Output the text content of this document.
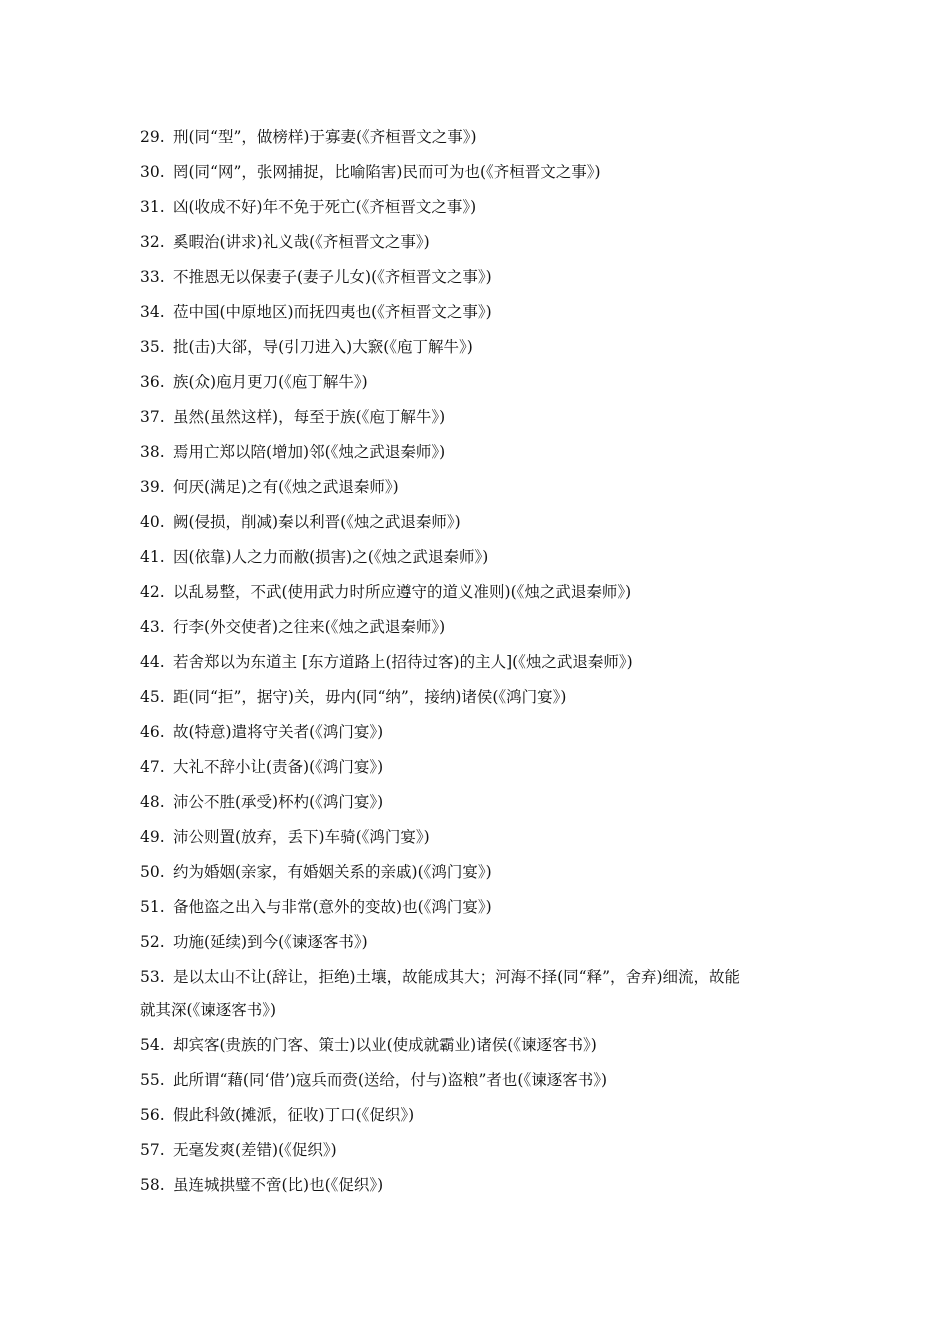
29. 刑(同“型”，做榜样)于寡妻(《齐桓晋文之事》)
30. 罔(同“网”，张网捕捉，比喻陷害)民而可为也(《齐桓晋文之事》)
31. 凶(收成不好)年不免于死亡(《齐桓晋文之事》)
32. 奚暇治(讲求)礼义哉(《齐桓晋文之事》)
33. 不推恩无以保妻子(妻子儿女)(《齐桓晋文之事》)
34. 莅中国(中原地区)而抚四夷也(《齐桓晋文之事》)
35. 批(击)大郤，导(引刀进入)大窾(《庖丁解牛》)
36. 族(众)庖月更刀(《庖丁解牛》)
37. 虽然(虽然这样)，每至于族(《庖丁解牛》)
38. 焉用亡郑以陪(增加)邻(《烛之武退秦师》)
39. 何厌(满足)之有(《烛之武退秦师》)
40. 阙(侵损，削减)秦以利晋(《烛之武退秦师》)
41. 因(依靠)人之力而敝(损害)之(《烛之武退秦师》)
42. 以乱易整，不武(使用武力时所应遵守的道义准则)(《烛之武退秦师》)
43. 行李(外交使者)之往来(《烛之武退秦师》)
44. 若舍郑以为东道主 [东方道路上(招待过客)的主人](《烛之武退秦师》)
45. 距(同“拒”，据守)关，毋内(同“纳”，接纳)诸侯(《鸿门宴》)
46. 故(特意)遣将守关者(《鸿门宴》)
47. 大礼不辞小让(责备)(《鸿门宴》)
48. 沛公不胜(承受)杯杓(《鸿门宴》)
49. 沛公则置(放弃，丢下)车骑(《鸿门宴》)
50. 约为婚姻(亲家，有婚姻关系的亲戚)(《鸿门宴》)
51. 备他盗之出入与非常(意外的变故)也(《鸿门宴》)
52. 功施(延续)到今(《谏逐客书》)
53. 是以太山不让(辞让，拒绝)土壤，故能成其大；河海不择(同“释”，舍弃)细流，故能
就其深(《谏逐客书》)
54. 却宾客(贵族的门客、策士)以业(使成就霸业)诸侯(《谏逐客书》)
55. 此所谓“藉(同‘借’)寇兵而赍(送给，付与)盗粮”者也(《谏逐客书》)
56. 假此科敛(摊派，征收)丁口(《促织》)
57. 无毫发爽(差错)(《促织》)
58. 虽连城拱璧不啻(比)也(《促织》)
